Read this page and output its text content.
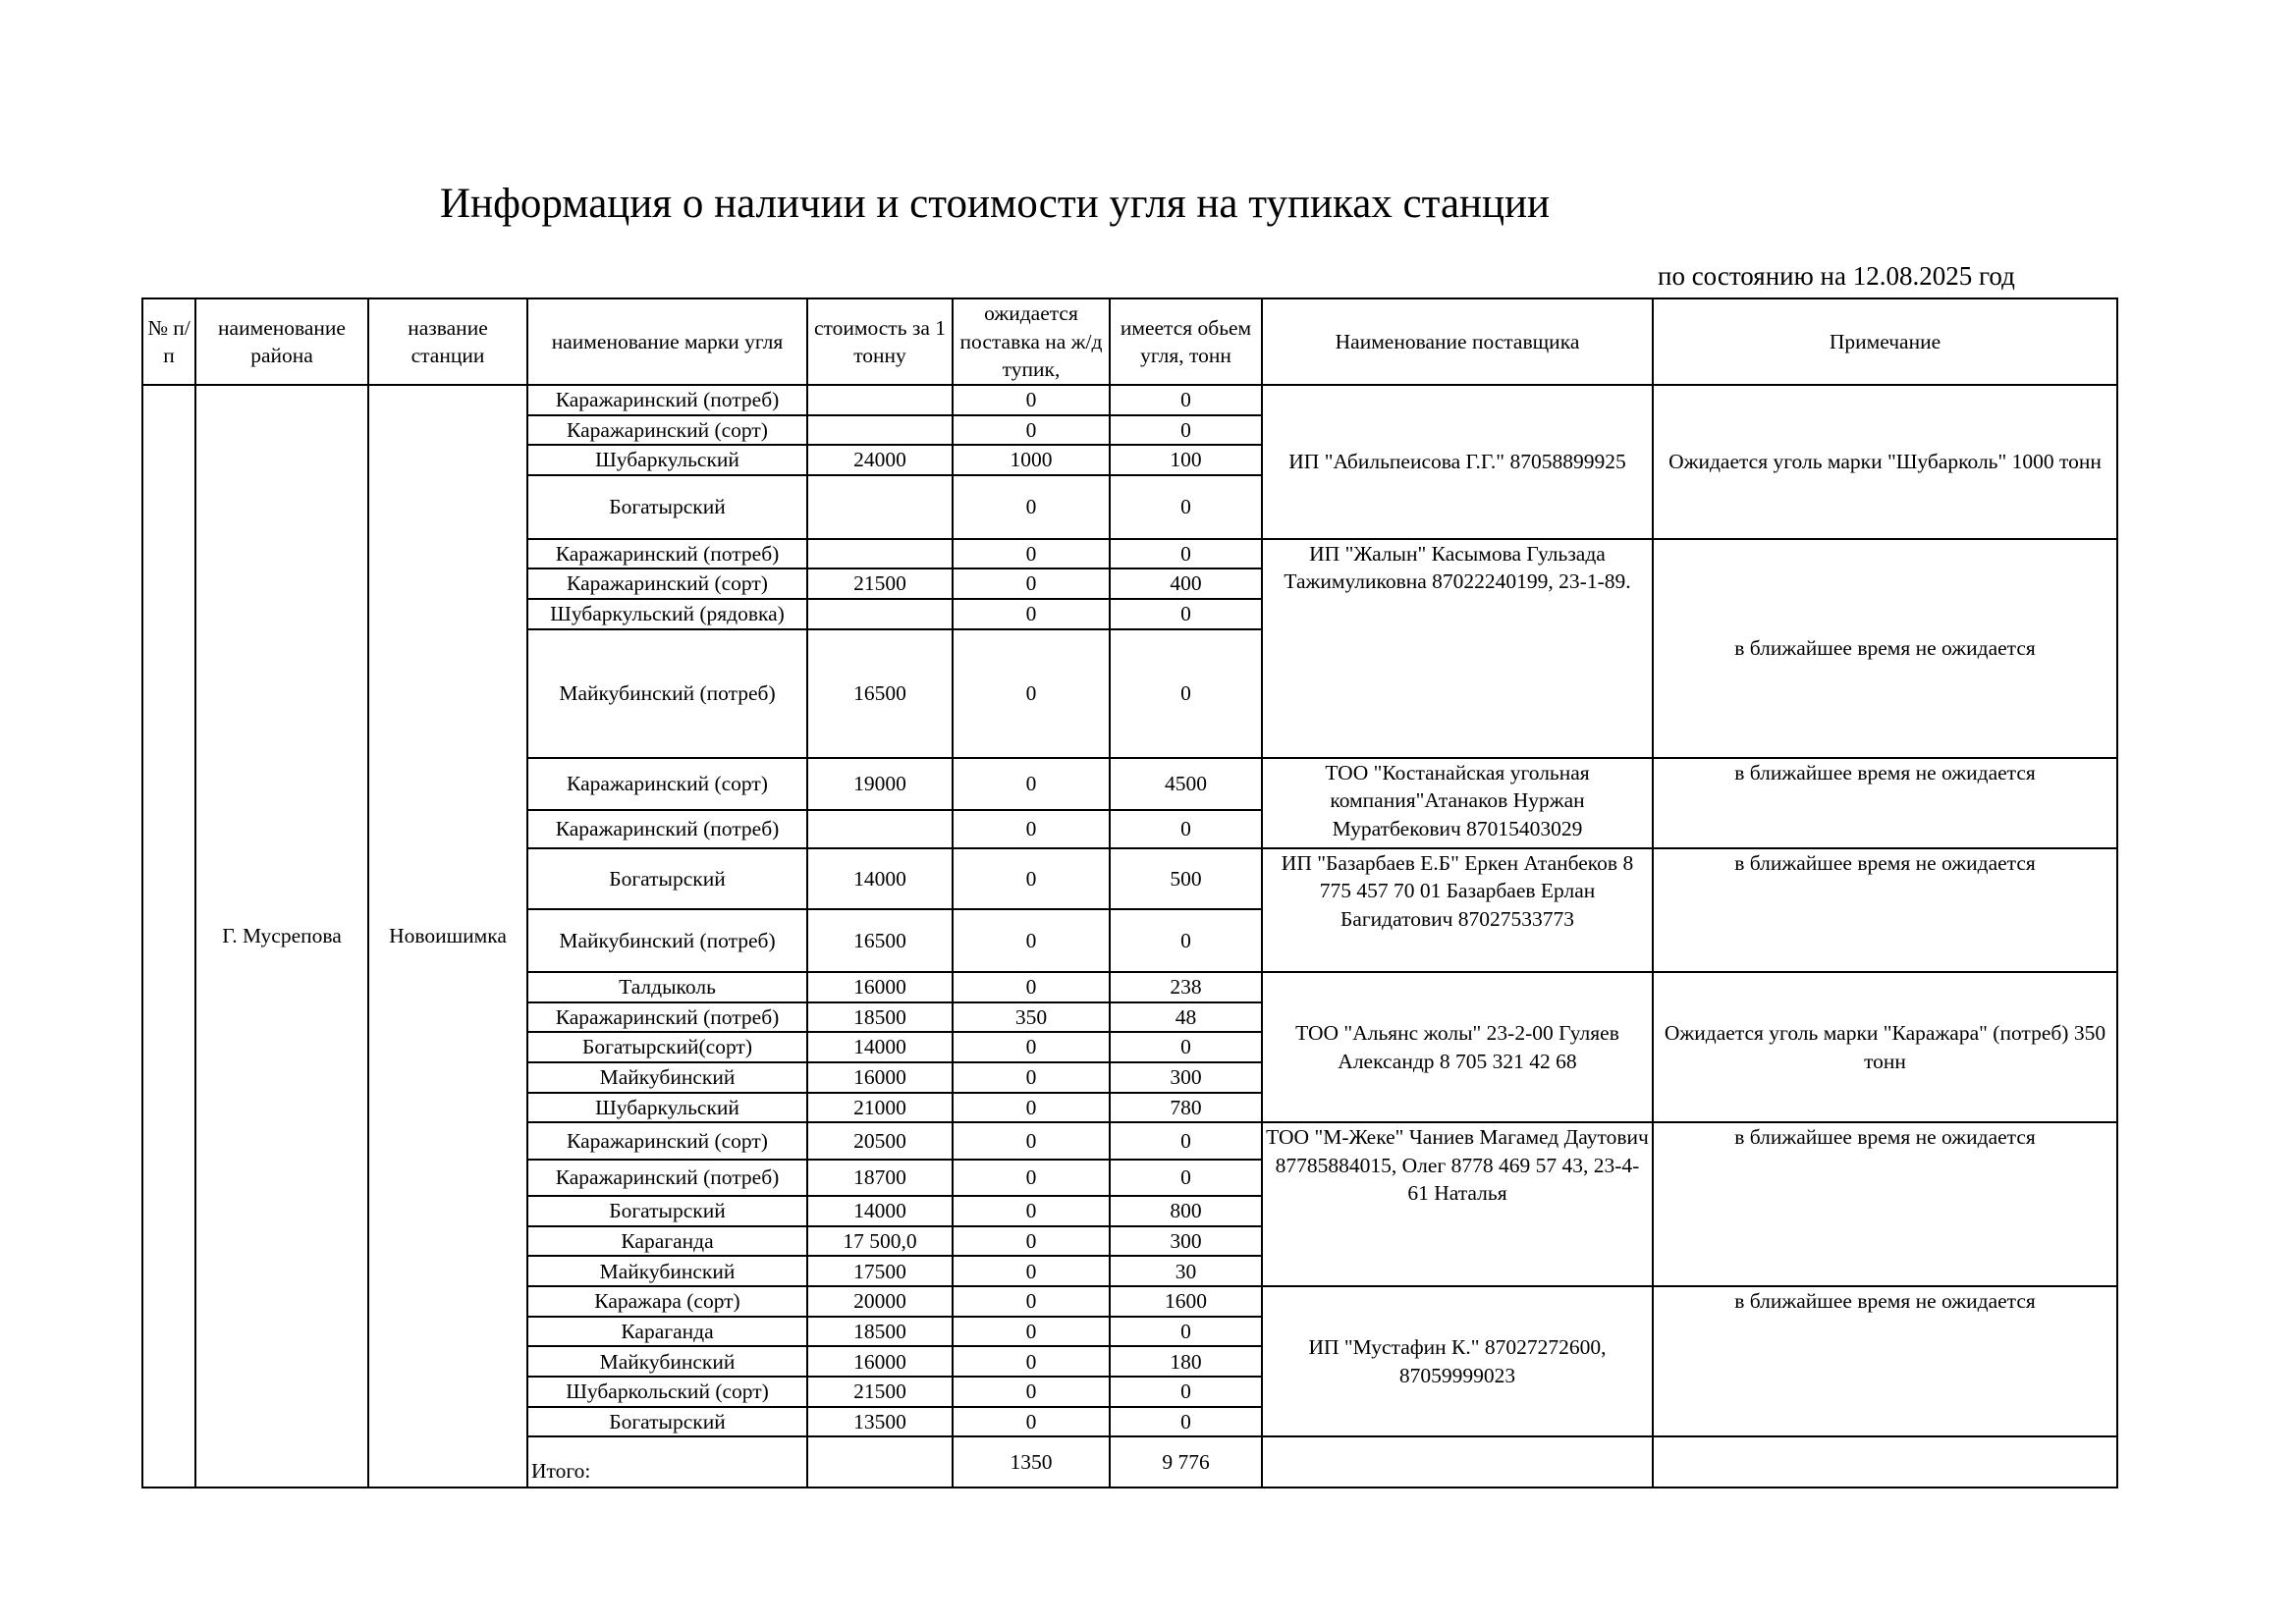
Информация о наличии и стоимости угля на тупиках станции
по состоянию на 12.08.2025 год
№ п/п	наименование района	название станции	наименование марки угля	стоимость за 1 тонну	ожидается поставка на ж/д тупик,	имеется обьем угля, тонн	Наименование поставщика	Примечание
	Г. Мусрепова	Новоишимка	Каражаринский (потреб)		0	0	ИП "Абильпеисова Г.Г." 87058899925	Ожидается уголь марки "Шубарколь" 1000 тонн
			Каражаринский (сорт)		0	0		
			Шубаркульский	24000	1000	100		
			Богатырский		0	0		
			Каражаринский (потреб)		0	0	ИП "Жалын" Касымова Гульзада Тажимуликовна 87022240199, 23-1-89.	в ближайшее время не ожидается
			Каражаринский (сорт)	21500	0	400		
			Шубаркульский (рядовка)		0	0		
			Майкубинский (потреб)	16500	0	0		
			Каражаринский (сорт)	19000	0	4500	ТОО "Костанайская угольная компания"Атанаков Нуржан Муратбекович 87015403029	в ближайшее время не ожидается
			Каражаринский (потреб)		0	0		
			Богатырский	14000	0	500	ИП "Базарбаев Е.Б" Еркен Атанбеков 8 775 457 70 01 Базарбаев Ерлан Багидатович 87027533773	в ближайшее время не ожидается
			Майкубинский (потреб)	16500	0	0		
			Талдыколь	16000	0	238	ТОО "Альянс жолы" 23-2-00 Гуляев Александр 8 705 321 42 68	Ожидается уголь марки "Каражара" (потреб) 350 тонн
			Каражаринский (потреб)	18500	350	48		
			Богатырский(сорт)	14000	0	0		
			Майкубинский	16000	0	300		
			Шубаркульский	21000	0	780		
			Каражаринский (сорт)	20500	0	0	ТОО "М-Жеке" Чаниев Магамед Даутович 87785884015, Олег 8778 469 57 43, 23-4-61 Наталья	в ближайшее время не ожидается
			Каражаринский (потреб)	18700	0	0		
			Богатырский	14000	0	800		
			Караганда	17 500,0	0	300		
			Майкубинский	17500	0	30		
			Каражара (сорт)	20000	0	1600	ИП "Мустафин К." 87027272600, 87059999023	в ближайшее время не ожидается
			Караганда	18500	0	0		
			Майкубинский	16000	0	180		
			Шубаркольский (сорт)	21500	0	0		
			Богатырский	13500	0	0		
			Итого:		1350	9 776		
